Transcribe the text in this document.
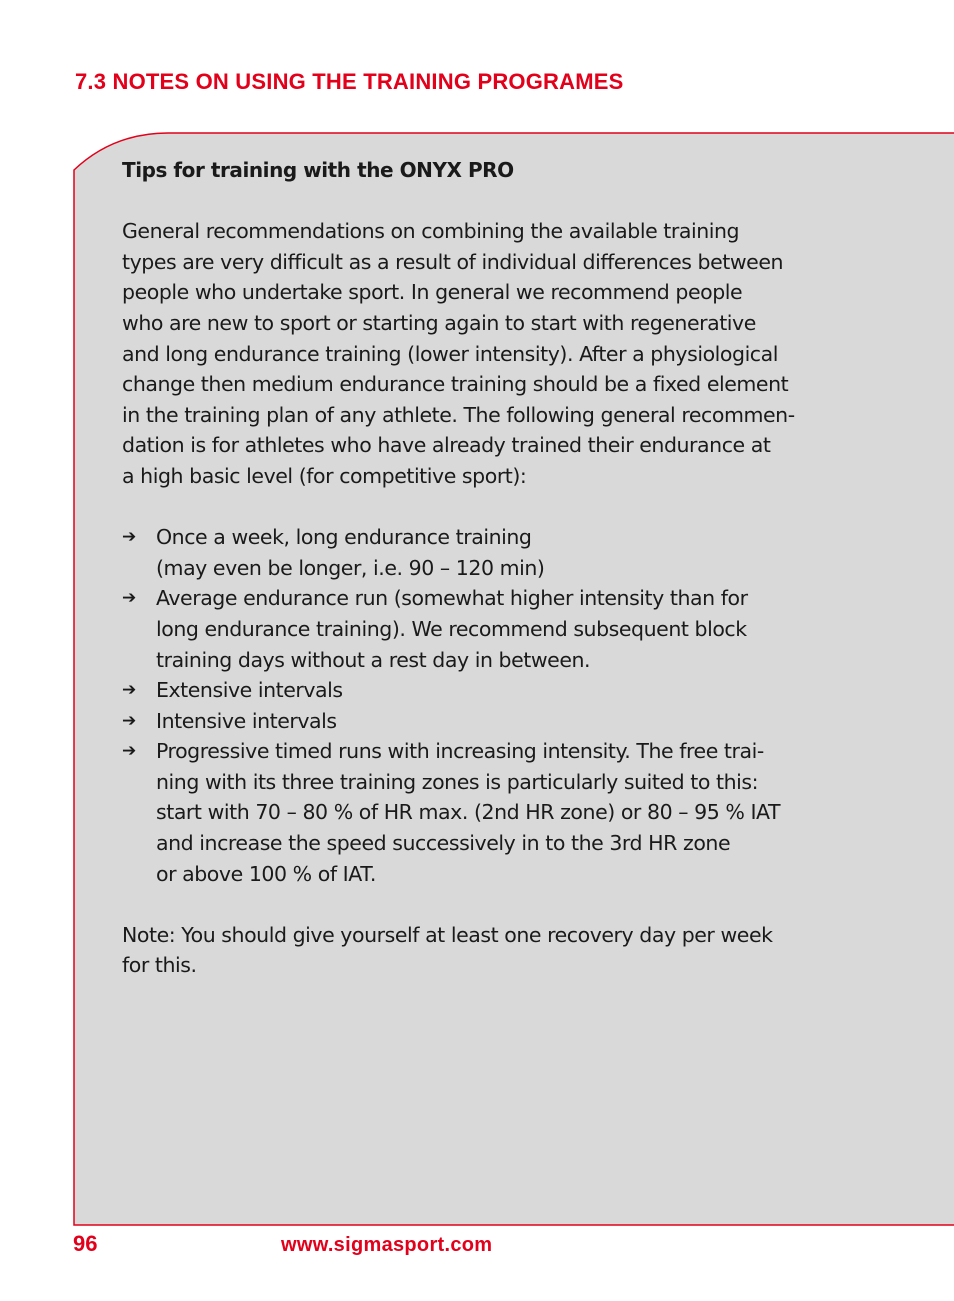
7.3 NOTES ON USING THE TRAINING PROGRAMES
Tips for training with the ONYX PRO

General recommendations on combining the available training
types are very difficult as a result of individual differences between
people who undertake sport. In general we recommend people
who are new to sport or starting again to start with regenerative
and long endurance training (lower intensity). After a physiological
change then medium endurance training should be a fixed element
in the training plan of any athlete. The following general recommen-
dation is for athletes who have already trained their endurance at
a high basic level (for competitive sport):

➔ Once a week, long endurance training
(may even be longer, i.e. 90 – 120 min)
➔ Average endurance run (somewhat higher intensity than for
long endurance training). We recommend subsequent block
training days without a rest day in between.
➔ Extensive intervals
➔ Intensive intervals
➔ Progressive timed runs with increasing intensity. The free trai-
ning with its three training zones is particularly suited to this:
start with 70 – 80 % of HR max. (2nd HR zone) or 80 – 95 % IAT
and increase the speed successively in to the 3rd HR zone
or above 100 % of IAT.

Note: You should give yourself at least one recovery day per week
for this.

96	www.sigmasport.com
